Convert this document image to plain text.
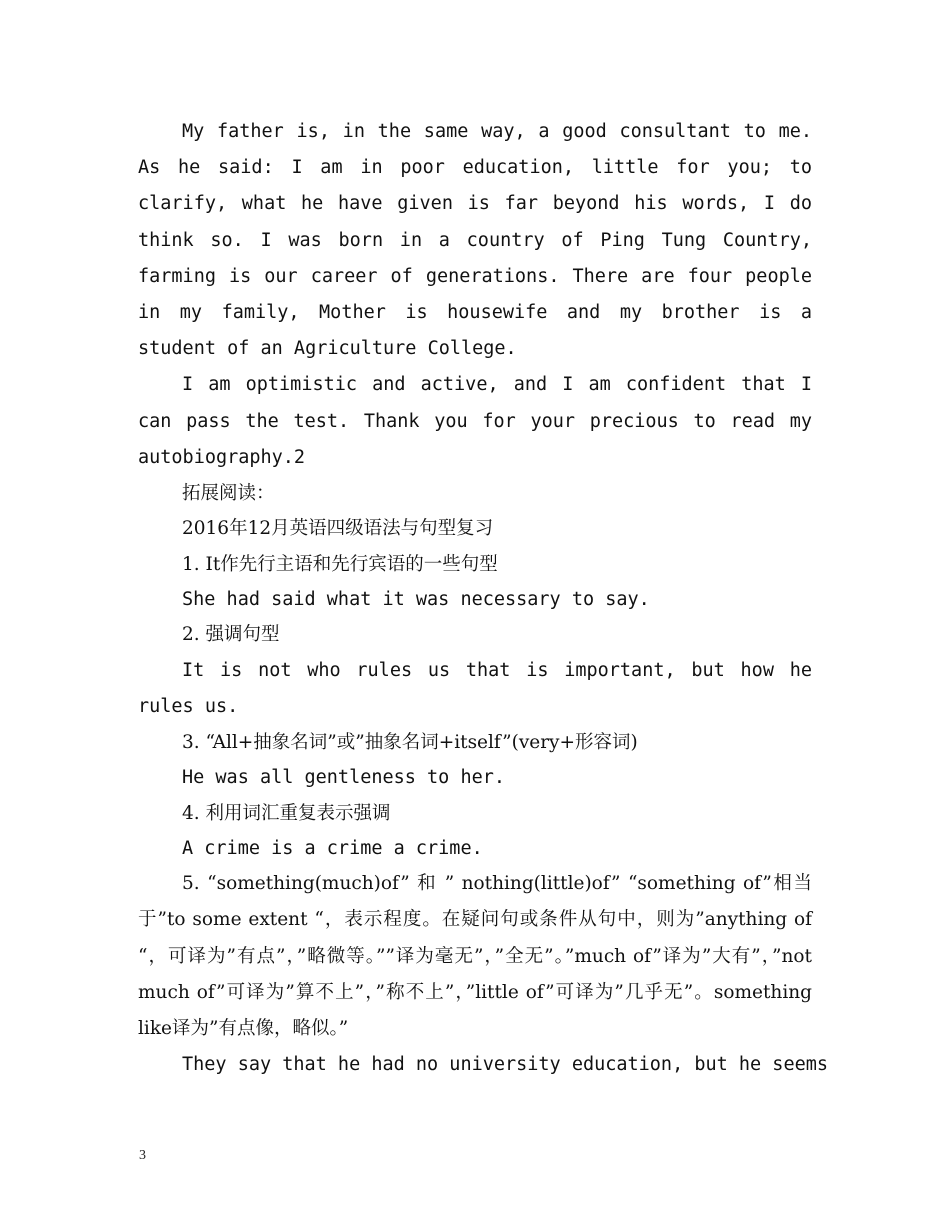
My father is, in the same way, a good consultant to me. As he said: I am in poor education, little for you; to clarify, what he have given is far beyond his words, I do think so. I was born in a country of Ping Tung Country, farming is our career of generations. There are four people in my family, Mother is housewife and my brother is a student of an Agriculture College.

I am optimistic and active, and I am confident that I can pass the test. Thank you for your precious to read my autobiography.2

拓展阅读：

2016年12月英语四级语法与句型复习

1. It作先行主语和先行宾语的一些句型

She had said what it was necessary to say.

2. 强调句型

It is not who rules us that is important, but how he rules us.

3. “All+抽象名词”或”抽象名词+itself”(very+形容词)

He was all gentleness to her.

4. 利用词汇重复表示强调

A crime is a crime a crime.

5. “something(much)of” 和 ” nothing(little)of” “something of”相当于”to some extent “，表示程度。在疑问句或条件从句中，则为”anything of “，可译为”有点”，”略微等。””译为毫无”，”全无”。”much of”译为”大有”，”not much of”可译为”算不上”，”称不上”，”little of”可译为”几乎无”。something like译为”有点像，略似。”

They say that he had no university education, but he seems

3
